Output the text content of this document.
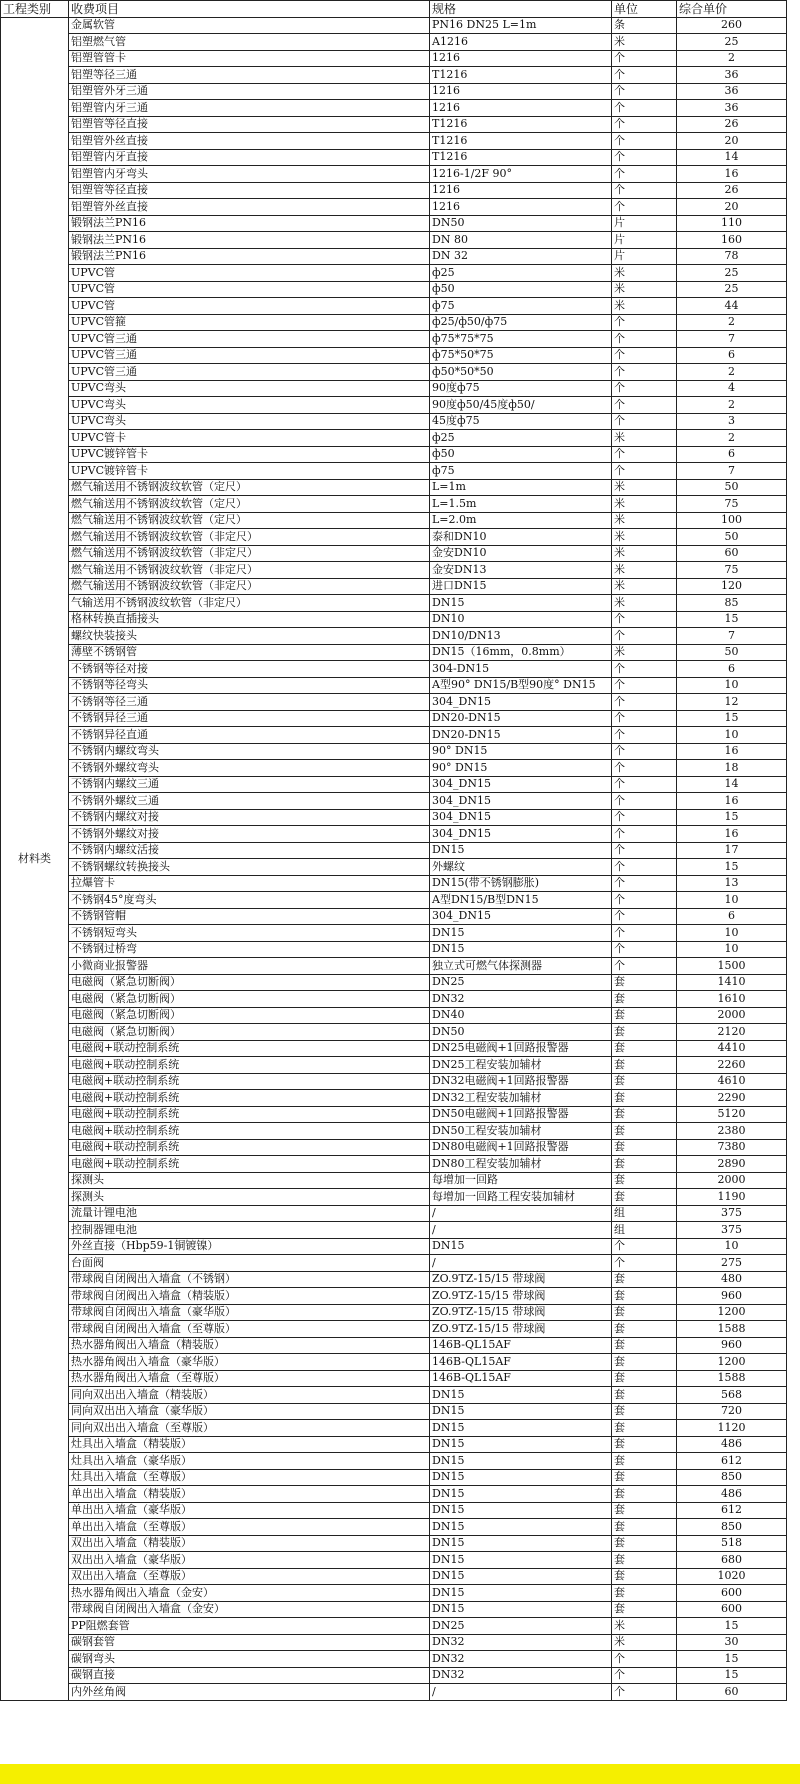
工程类别	收费项目	规格	单位	综合单价
材料类	金属软管	PN16 DN25 L=1m	条	260
	铝塑燃气管	A1216	米	25
	铝塑管管卡	1216	个	2
	铝塑等径三通	T1216	个	36
	铝塑管外牙三通	1216	个	36
	铝塑管内牙三通	1216	个	36
	铝塑管等径直接	T1216	个	26
	铝塑管外丝直接	T1216	个	20
	铝塑管内牙直接	T1216	个	14
	铝塑管内牙弯头	1216-1/2F 90°	个	16
	铝塑管等径直接	1216	个	26
	铝塑管外丝直接	1216	个	20
	锻钢法兰PN16	DN50	片	110
	锻钢法兰PN16	DN 80	片	160
	锻钢法兰PN16	DN 32	片	78
	UPVC管	ф25	米	25
	UPVC管	ф50	米	25
	UPVC管	ф75	米	44
	UPVC管箍	ф25/ф50/ф75	个	2
	UPVC管三通	ф75*75*75	个	7
	UPVC管三通	ф75*50*75	个	6
	UPVC管三通	ф50*50*50	个	2
	UPVC弯头	90度ф75	个	4
	UPVC弯头	90度ф50/45度ф50/	个	2
	UPVC弯头	45度ф75	个	3
	UPVC管卡	ф25	米	2
	UPVC镀锌管卡	ф50	个	6
	UPVC镀锌管卡	ф75	个	7
	燃气输送用不锈钢波纹软管（定尺）	L=1m	米	50
	燃气输送用不锈钢波纹软管（定尺）	L=1.5m	米	75
	燃气输送用不锈钢波纹软管（定尺）	L=2.0m	米	100
	燃气输送用不锈钢波纹软管（非定尺）	泰和DN10	米	50
	燃气输送用不锈钢波纹软管（非定尺）	金安DN10	米	60
	燃气输送用不锈钢波纹软管（非定尺）	金安DN13	米	75
	燃气输送用不锈钢波纹软管（非定尺）	进口DN15	米	120
	气输送用不锈钢波纹软管（非定尺）	DN15	米	85
	格林转换直插接头	DN10	个	15
	螺纹快装接头	DN10/DN13	个	7
	薄壁不锈钢管	DN15（16mm，0.8mm）	米	50
	不锈钢等径对接	304-DN15	个	6
	不锈钢等径弯头	A型90° DN15/B型90度° DN15	个	10
	不锈钢等径三通	304_DN15	个	12
	不锈钢异径三通	DN20-DN15	个	15
	不锈钢异径直通	DN20-DN15	个	10
	不锈钢内螺纹弯头	90° DN15	个	16
	不锈钢外螺纹弯头	90° DN15	个	18
	不锈钢内螺纹三通	304_DN15	个	14
	不锈钢外螺纹三通	304_DN15	个	16
	不锈钢内螺纹对接	304_DN15	个	15
	不锈钢外螺纹对接	304_DN15	个	16
	不锈钢内螺纹活接	DN15	个	17
	不锈钢螺纹转换接头	外螺纹	个	15
	拉爆管卡	DN15(带不锈钢膨胀)	个	13
	不锈钢45°度弯头	A型DN15/B型DN15	个	10
	不锈钢管帽	304_DN15	个	6
	不锈钢短弯头	DN15	个	10
	不锈钢过桥弯	DN15	个	10
	小微商业报警器	独立式可燃气体探测器	个	1500
	电磁阀（紧急切断阀）	DN25	套	1410
	电磁阀（紧急切断阀）	DN32	套	1610
	电磁阀（紧急切断阀）	DN40	套	2000
	电磁阀（紧急切断阀）	DN50	套	2120
	电磁阀+联动控制系统	DN25电磁阀+1回路报警器	套	4410
	电磁阀+联动控制系统	DN25工程安装加辅材	套	2260
	电磁阀+联动控制系统	DN32电磁阀+1回路报警器	套	4610
	电磁阀+联动控制系统	DN32工程安装加辅材	套	2290
	电磁阀+联动控制系统	DN50电磁阀+1回路报警器	套	5120
	电磁阀+联动控制系统	DN50工程安装加辅材	套	2380
	电磁阀+联动控制系统	DN80电磁阀+1回路报警器	套	7380
	电磁阀+联动控制系统	DN80工程安装加辅材	套	2890
	探测头	每增加一回路	套	2000
	探测头	每增加一回路工程安装加辅材	套	1190
	流量计锂电池	/	组	375
	控制器锂电池	/	组	375
	外丝直接（Hbp59-1铜镀镍）	DN15	个	10
	台面阀	/	个	275
	带球阀自闭阀出入墙盒（不锈钢）	ZO.9TZ-15/15 带球阀	套	480
	带球阀自闭阀出入墙盒（精装版）	ZO.9TZ-15/15 带球阀	套	960
	带球阀自闭阀出入墙盒（豪华版）	ZO.9TZ-15/15 带球阀	套	1200
	带球阀自闭阀出入墙盒（至尊版）	ZO.9TZ-15/15 带球阀	套	1588
	热水器角阀出入墙盒（精装版）	146B-QL15AF	套	960
	热水器角阀出入墙盒（豪华版）	146B-QL15AF	套	1200
	热水器角阀出入墙盒（至尊版）	146B-QL15AF	套	1588
	同向双出出入墙盒（精装版）	DN15	套	568
	同向双出出入墙盒（豪华版）	DN15	套	720
	同向双出出入墙盒（至尊版）	DN15	套	1120
	灶具出入墙盒（精装版）	DN15	套	486
	灶具出入墙盒（豪华版）	DN15	套	612
	灶具出入墙盒（至尊版）	DN15	套	850
	单出出入墙盒（精装版）	DN15	套	486
	单出出入墙盒（豪华版）	DN15	套	612
	单出出入墙盒（至尊版）	DN15	套	850
	双出出入墙盒（精装版）	DN15	套	518
	双出出入墙盒（豪华版）	DN15	套	680
	双出出入墙盒（至尊版）	DN15	套	1020
	热水器角阀出入墙盒（金安）	DN15	套	600
	带球阀自闭阀出入墙盒（金安）	DN15	套	600
	PP阻燃套管	DN25	米	15
	碳钢套管	DN32	米	30
	碳钢弯头	DN32	个	15
	碳钢直接	DN32	个	15
	内外丝角阀	/	个	60
